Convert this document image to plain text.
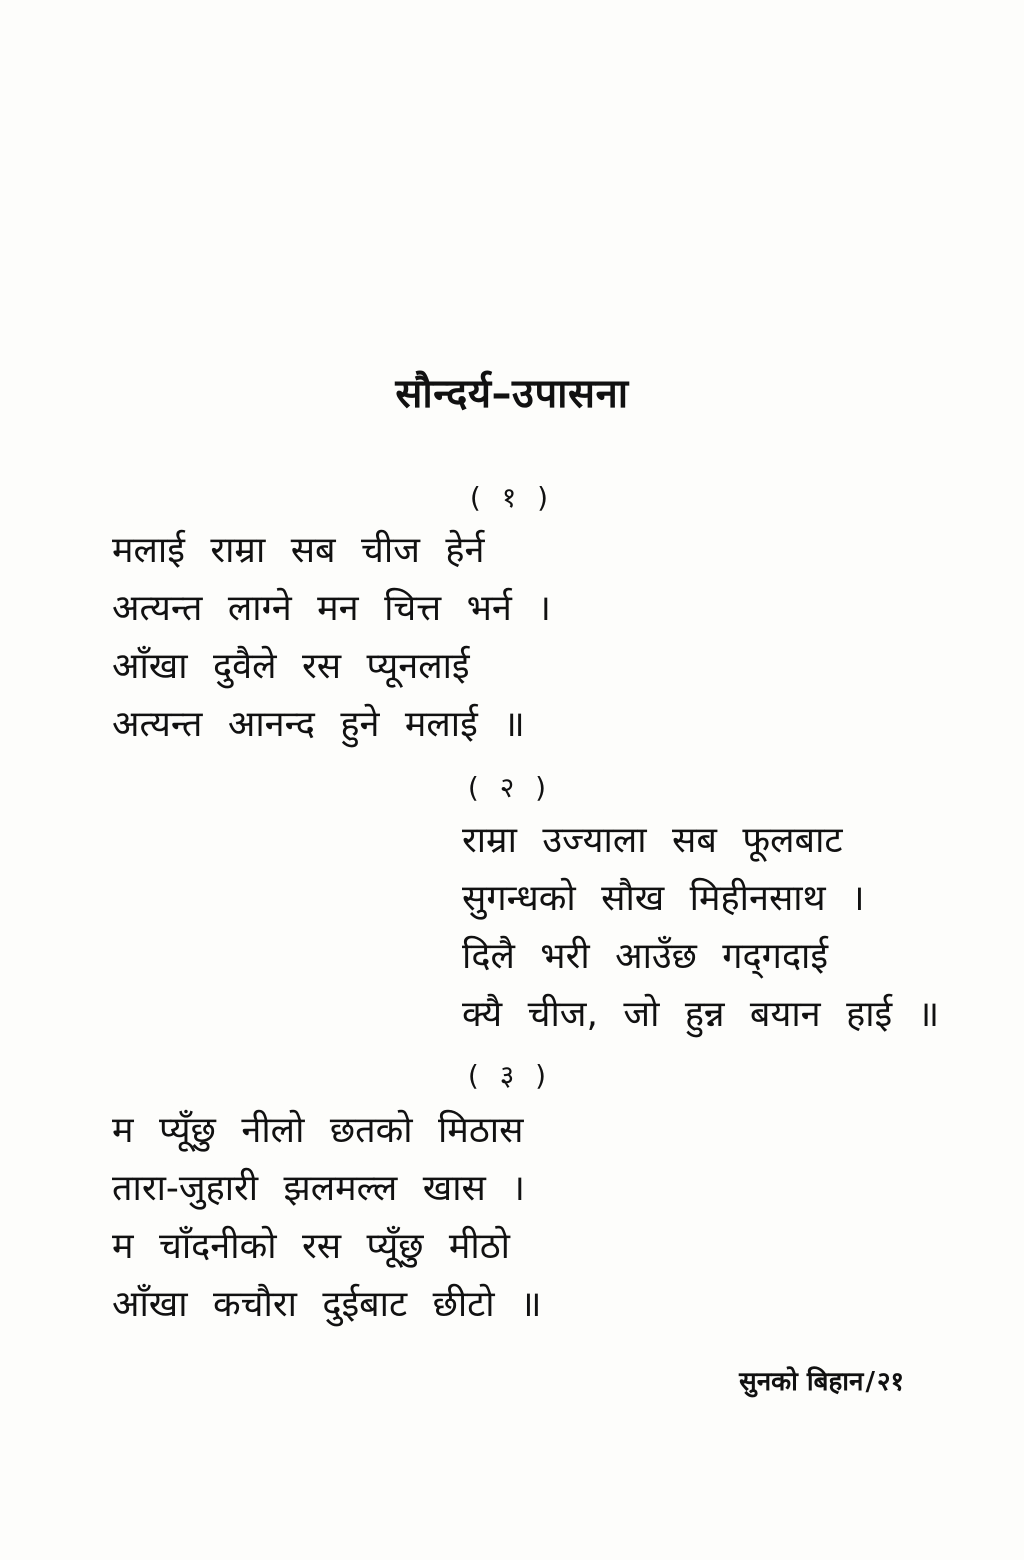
सौन्दर्य–उपासना
( १ )
मलाई राम्रा सब चीज हेर्न
अत्यन्त लाग्ने मन चित्त भर्न ।
आँखा दुवैले रस प्यूनलाई
अत्यन्त आनन्द हुने मलाई ॥
( २ )
राम्रा उज्याला सब फूलबाट
सुगन्धको सौख मिहीनसाथ ।
दिलै भरी आउँछ गद्‌गदाई
क्यै चीज, जो हुन्न बयान हाई ॥
( ३ )
म प्यूँछु नीलो छतको मिठास
तारा-जुहारी झलमल्ल खास ।
म चाँदनीको रस प्यूँछु मीठो
आँखा कचौरा दुईबाट छीटो ॥
सुनको बिहान/२१
